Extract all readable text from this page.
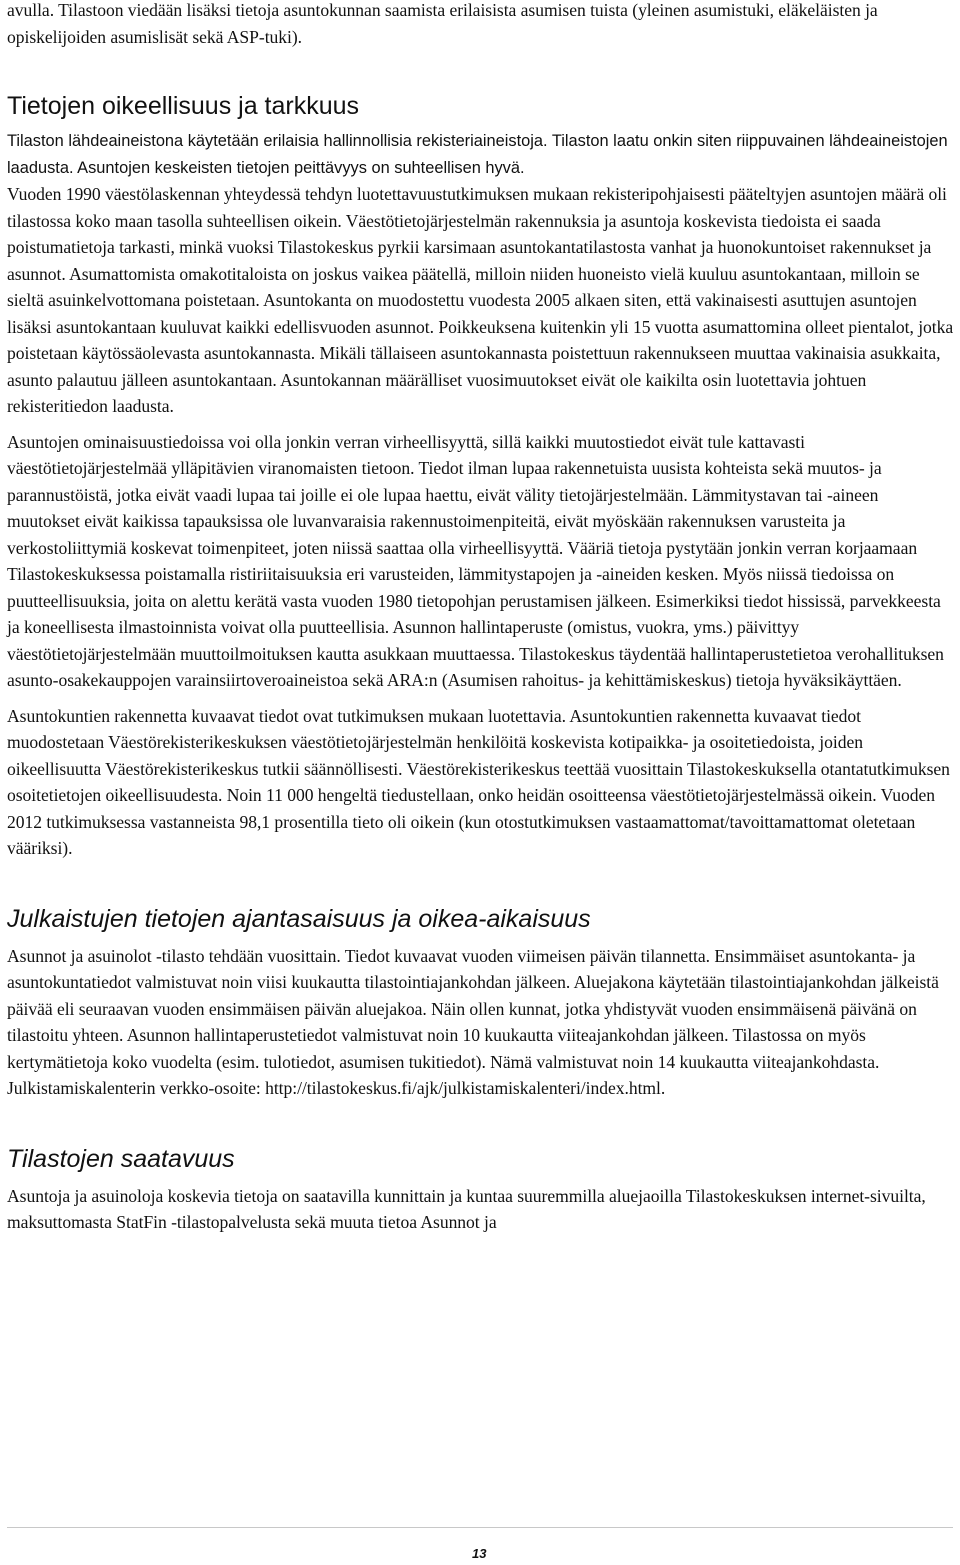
avulla. Tilastoon viedään lisäksi tietoja asuntokunnan saamista erilaisista asumisen tuista (yleinen asumistuki, eläkeläisten ja opiskelijoiden asumislisät sekä ASP-tuki).

Tietojen oikeellisuus ja tarkkuus

Tilaston lähdeaineistona käytetään erilaisia hallinnollisia rekisteriaineistoja. Tilaston laatu onkin siten riippuvainen lähdeaineistojen laadusta. Asuntojen keskeisten tietojen peittävyys on suhteellisen hyvä.

Vuoden 1990 väestölaskennan yhteydessä tehdyn luotettavuustutkimuksen mukaan rekisteripohjaisesti pääteltyjen asuntojen määrä oli tilastossa koko maan tasolla suhteellisen oikein. Väestötietojärjestelmän rakennuksia ja asuntoja koskevista tiedoista ei saada poistumatietoja tarkasti, minkä vuoksi Tilastokeskus pyrkii karsimaan asuntokantatilastosta vanhat ja huonokuntoiset rakennukset ja asunnot. Asumattomista omakotitaloista on joskus vaikea päätellä, milloin niiden huoneisto vielä kuuluu asuntokantaan, milloin se sieltä asuinkelvottomana poistetaan. Asuntokanta on muodostettu vuodesta 2005 alkaen siten, että vakinaisesti asuttujen asuntojen lisäksi asuntokantaan kuuluvat kaikki edellisvuoden asunnot. Poikkeuksena kuitenkin yli 15 vuotta asumattomina olleet pientalot, jotka poistetaan käytössäolevasta asuntokannasta. Mikäli tällaiseen asuntokannasta poistettuun rakennukseen muuttaa vakinaisia asukkaita, asunto palautuu jälleen asuntokantaan. Asuntokannan määrälliset vuosimuutokset eivät ole kaikilta osin luotettavia johtuen rekisteritiedon laadusta.

Asuntojen ominaisuustiedoissa voi olla jonkin verran virheellisyyttä, sillä kaikki muutostiedot eivät tule kattavasti väestötietojärjestelmää ylläpitävien viranomaisten tietoon. Tiedot ilman lupaa rakennetuista uusista kohteista sekä muutos- ja parannustöistä, jotka eivät vaadi lupaa tai joille ei ole lupaa haettu, eivät välity tietojärjestelmään. Lämmitystavan tai -aineen muutokset eivät kaikissa tapauksissa ole luvanvaraisia rakennustoimenpiteitä, eivät myöskään rakennuksen varusteita ja verkostoliittymiä koskevat toimenpiteet, joten niissä saattaa olla virheellisyyttä. Vääriä tietoja pystytään jonkin verran korjaamaan Tilastokeskuksessa poistamalla ristiriitaisuuksia eri varusteiden, lämmitystapojen ja -aineiden kesken. Myös niissä tiedoissa on puutteellisuuksia, joita on alettu kerätä vasta vuoden 1980 tietopohjan perustamisen jälkeen. Esimerkiksi tiedot hississä, parvekkeesta ja koneellisesta ilmastoinnista voivat olla puutteellisia. Asunnon hallintaperuste (omistus, vuokra, yms.) päivittyy väestötietojärjestelmään muuttoilmoituksen kautta asukkaan muuttaessa. Tilastokeskus täydentää hallintaperustetietoa verohallituksen asunto-osakekauppojen varainsiirtoveroaineistoa sekä ARA:n (Asumisen rahoitus- ja kehittämiskeskus) tietoja hyväksikäyttäen.

Asuntokuntien rakennetta kuvaavat tiedot ovat tutkimuksen mukaan luotettavia. Asuntokuntien rakennetta kuvaavat tiedot muodostetaan Väestörekisterikeskuksen väestötietojärjestelmän henkilöitä koskevista kotipaikka- ja osoitetiedoista, joiden oikeellisuutta Väestörekisterikeskus tutkii säännöllisesti. Väestörekisterikeskus teettää vuosittain Tilastokeskuksella otantatutkimuksen osoitetietojen oikeellisuudesta. Noin 11 000 hengeltä tiedustellaan, onko heidän osoitteensa väestötietojärjestelmässä oikein. Vuoden 2012 tutkimuksessa vastanneista 98,1 prosentilla tieto oli oikein (kun otostutkimuksen vastaamattomat/tavoittamattomat oletetaan vääriksi).

Julkaistujen tietojen ajantasaisuus ja oikea-aikaisuus

Asunnot ja asuinolot -tilasto tehdään vuosittain. Tiedot kuvaavat vuoden viimeisen päivän tilannetta. Ensimmäiset asuntokanta- ja asuntokuntatiedot valmistuvat noin viisi kuukautta tilastointiajankohdan jälkeen. Aluejakona käytetään tilastointiajankohdan jälkeistä päivää eli seuraavan vuoden ensimmäisen päivän aluejakoa. Näin ollen kunnat, jotka yhdistyvät vuoden ensimmäisenä päivänä on tilastoitu yhteen. Asunnon hallintaperustetiedot valmistuvat noin 10 kuukautta viiteajankohdan jälkeen. Tilastossa on myös kertymätietoja koko vuodelta (esim. tulotiedot, asumisen tukitiedot). Nämä valmistuvat noin 14 kuukautta viiteajankohdasta. Julkistamiskalenterin verkko-osoite: http://tilastokeskus.fi/ajk/julkistamiskalenteri/index.html.

Tilastojen saatavuus

Asuntoja ja asuinoloja koskevia tietoja on saatavilla kunnittain ja kuntaa suuremmilla aluejaoilla Tilastokeskuksen internet-sivuilta, maksuttomasta StatFin -tilastopalvelusta sekä muuta tietoa Asunnot ja

13
